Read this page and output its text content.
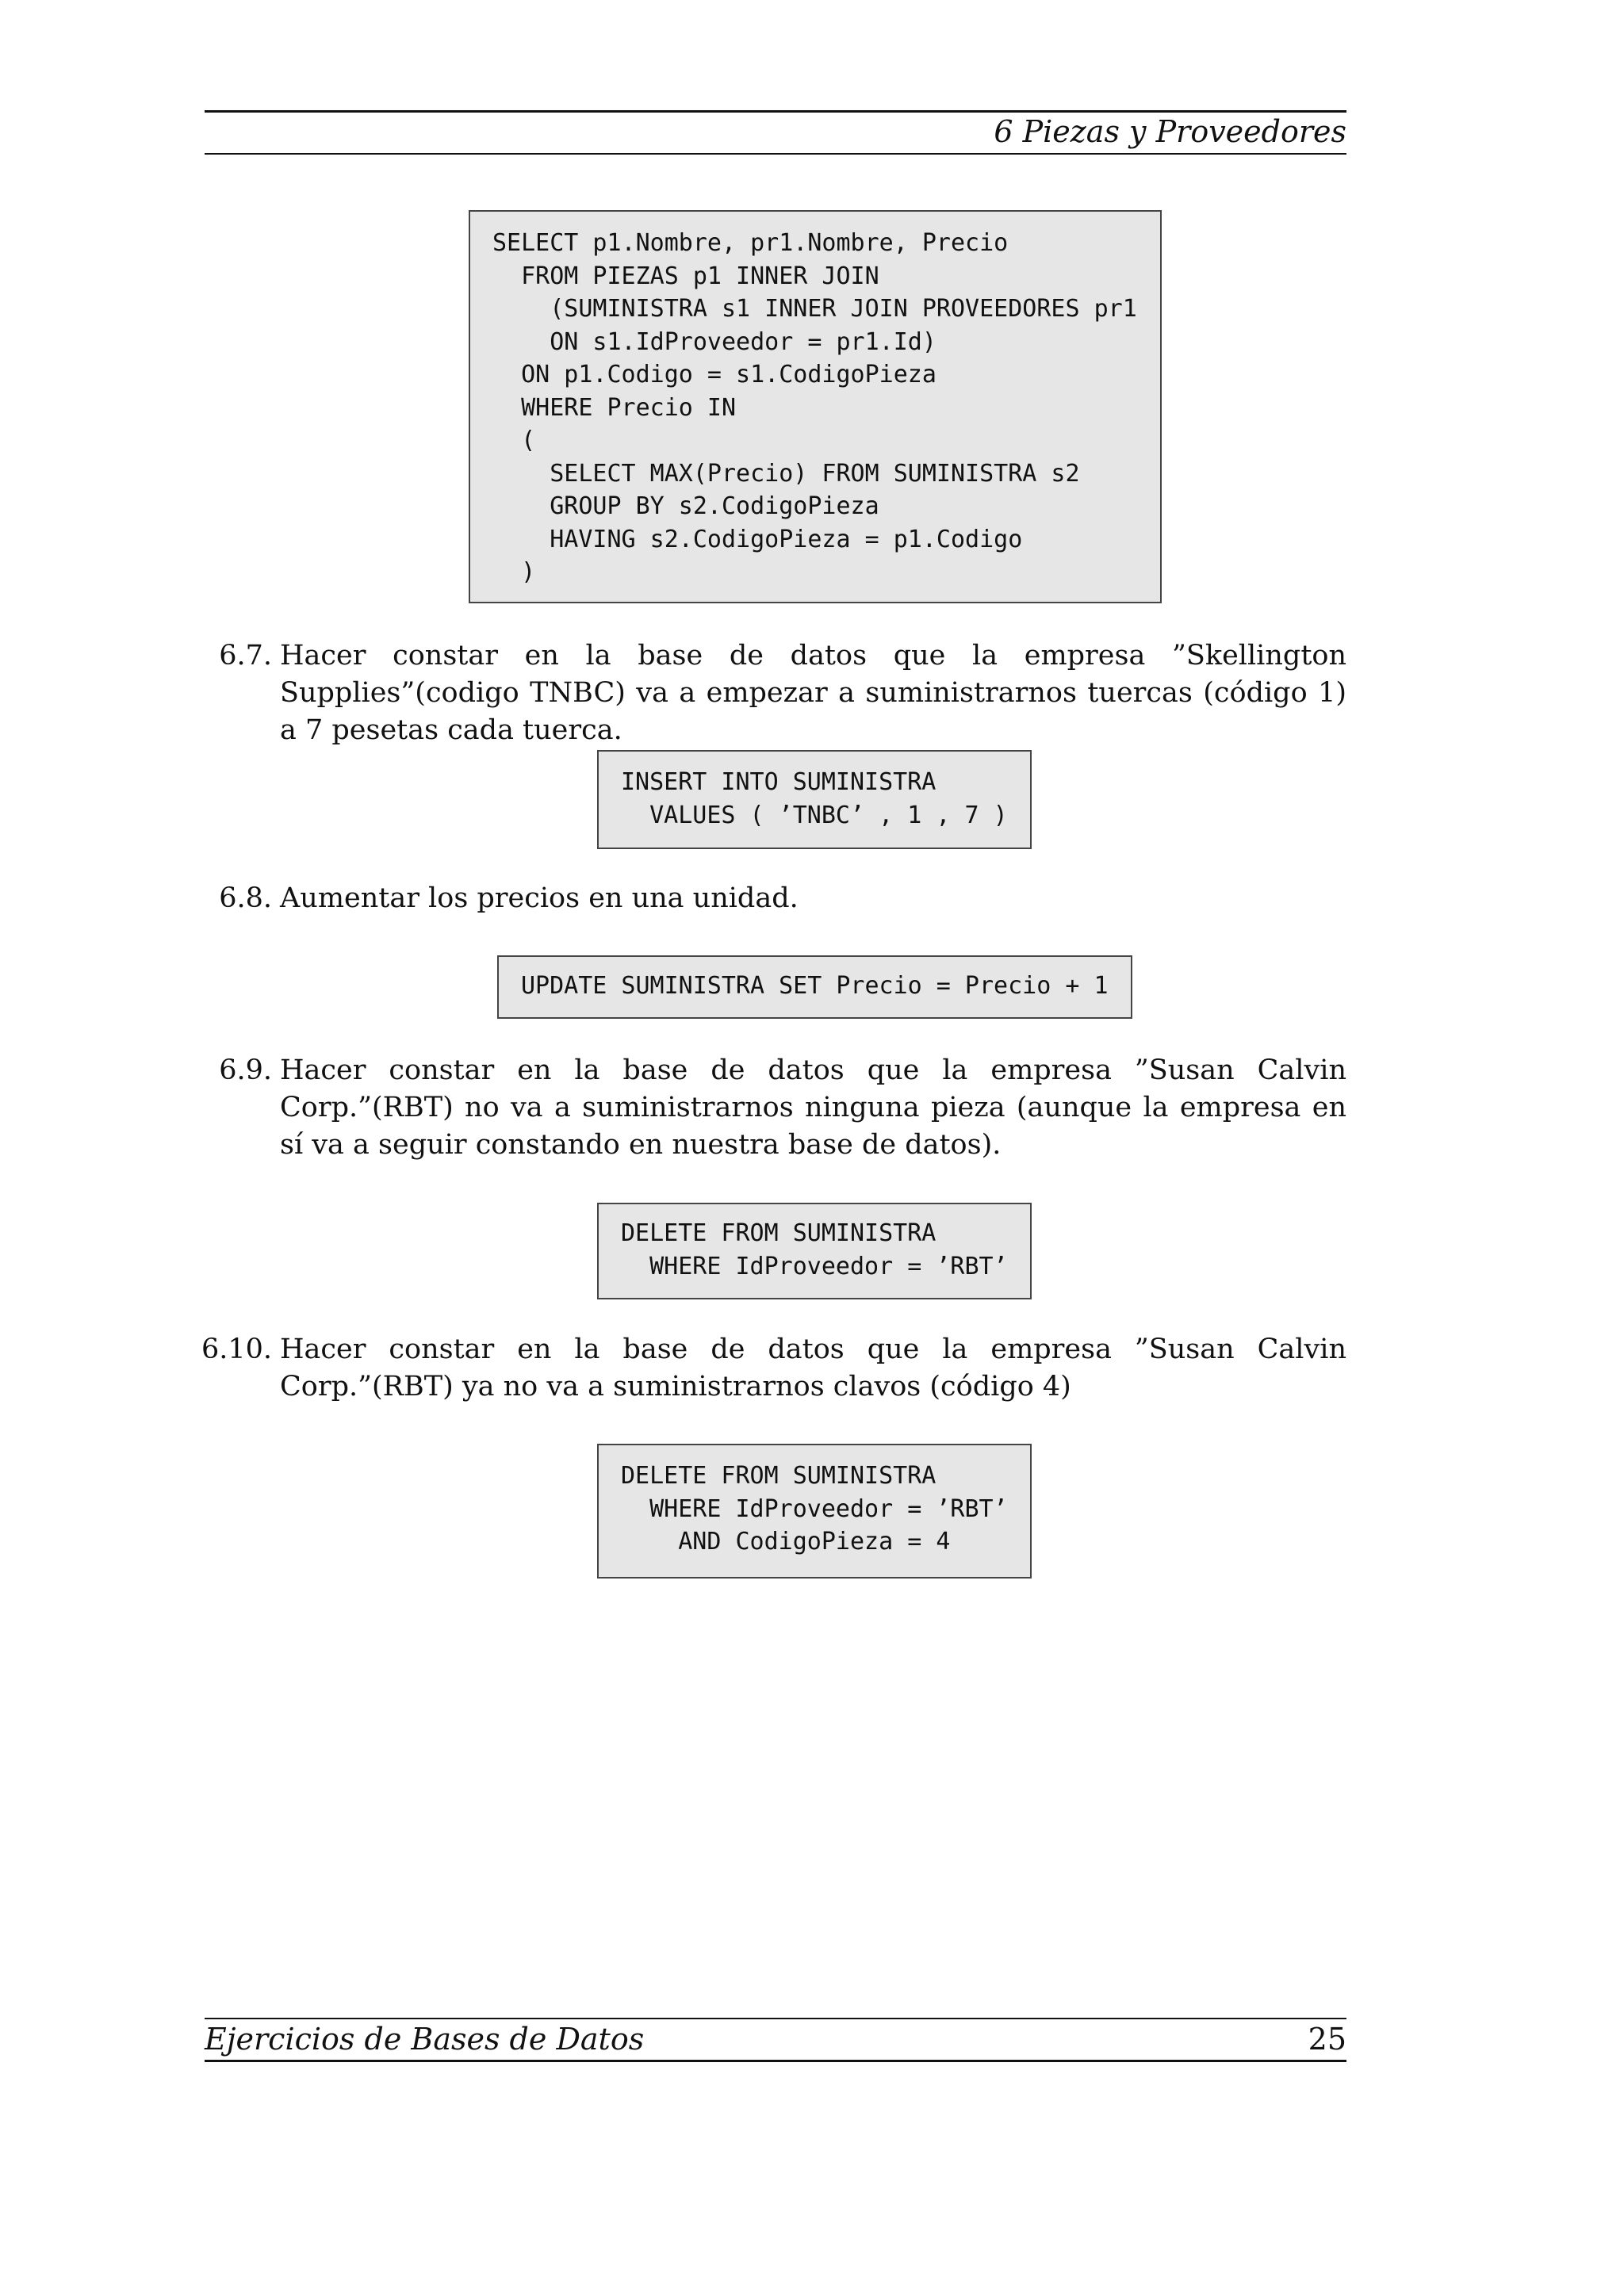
6 Piezas y Proveedores
SELECT p1.Nombre, pr1.Nombre, Precio
FROM PIEZAS p1 INNER JOIN
(SUMINISTRA s1 INNER JOIN PROVEEDORES pr1
ON s1.IdProveedor = pr1.Id)
ON p1.Codigo = s1.CodigoPieza
WHERE Precio IN
(
SELECT MAX(Precio) FROM SUMINISTRA s2
GROUP BY s2.CodigoPieza
HAVING s2.CodigoPieza = p1.Codigo
)
6.7. Hacer constar en la base de datos que la empresa ”Skellington Supplies”(codigo TNBC) va a empezar a suministrarnos tuercas (código 1) a 7 pesetas cada tuerca.
INSERT INTO SUMINISTRA
VALUES ( ’TNBC’ , 1 , 7 )
6.8. Aumentar los precios en una unidad.
UPDATE SUMINISTRA SET Precio = Precio + 1
6.9. Hacer constar en la base de datos que la empresa ”Susan Calvin Corp.”(RBT) no va a suministrarnos ninguna pieza (aunque la empresa en sí va a seguir constando en nuestra base de datos).
DELETE FROM SUMINISTRA
WHERE IdProveedor = ’RBT’
6.10. Hacer constar en la base de datos que la empresa ”Susan Calvin Corp.”(RBT) ya no va a suministrarnos clavos (código 4)
DELETE FROM SUMINISTRA
WHERE IdProveedor = ’RBT’
AND CodigoPieza = 4
Ejercicios de Bases de Datos	25
